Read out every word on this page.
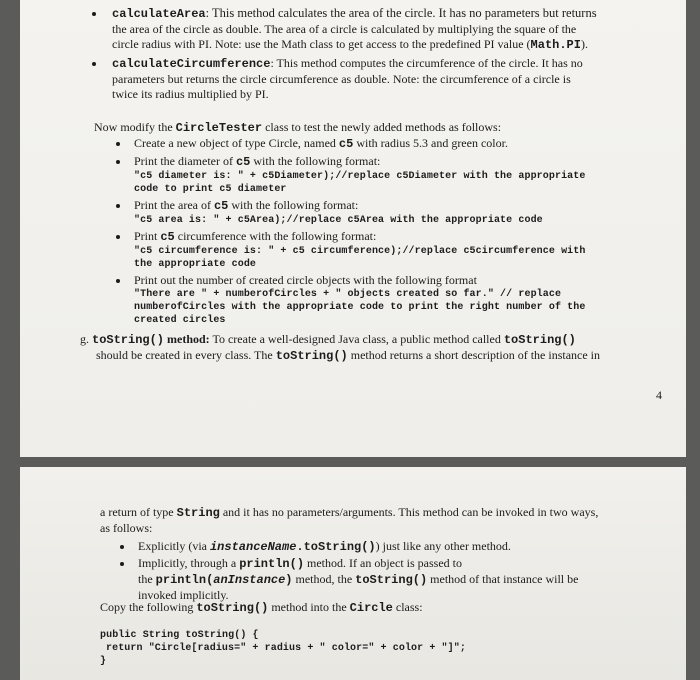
calculateArea: This method calculates the area of the circle. It has no parameters but returns

the area of the circle as double. The area of a circle is calculated by multiplying the square of the

circle radius with PI. Note: use the Math class to get access to the predefined PI value (Math.PI).

calculateCircumference: This method computes the circumference of the circle. It has no

parameters but returns the circle circumference as double. Note: the circumference of a circle is

twice its radius multiplied by PI.

Now modify the CircleTester class to test the newly added methods as follows:

Create a new object of type Circle, named c5 with radius 5.3 and green color.

Print the diameter of c5 with the following format:

"c5 diameter is: " + c5Diameter);//replace c5Diameter with the appropriate

code to print c5 diameter

Print the area of c5 with the following format:

"c5 area is: " + c5Area);//replace c5Area with the appropriate code

Print c5 circumference with the following format:

"c5 circumference is: " + c5 circumference);//replace c5circumference with

the appropriate code

Print out the number of created circle objects with the following format

"There are " + numberofCircles + " objects created so far." // replace

numberofCircles with the appropriate code to print the right number of the

created circles

g. toString() method: To create a well-designed Java class, a public method called toString()

should be created in every class. The toString() method returns a short description of the instance in

4

a return of type String and it has no parameters/arguments. This method can be invoked in two ways,

as follows:

Explicitly (via instanceName.toString()) just like any other method.

Implicitly, through a println() method. If an object is passed to

the println(anInstance) method, the toString() method of that instance will be

invoked implicitly.

Copy the following toString() method into the Circle class:

public String toString() {

return "Circle[radius=" + radius + " color=" + color + "]";

}
